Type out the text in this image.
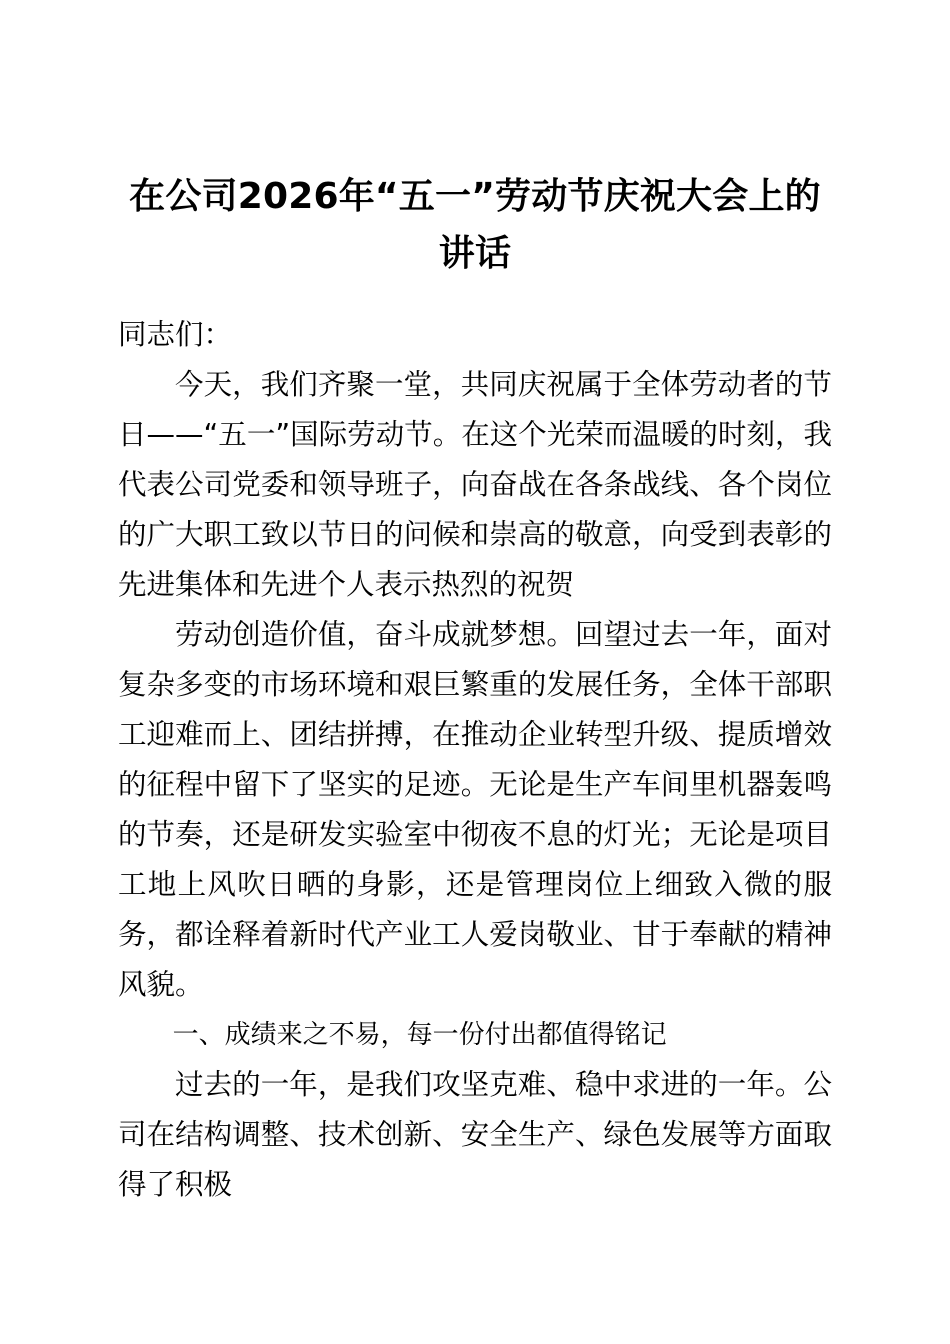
在公司2026年“五一”劳动节庆祝大会上的 讲话

同志们：

今天，我们齐聚一堂，共同庆祝属于全体劳动者的节日——“五一”国际劳动节。在这个光荣而温暖的时刻，我代表公司党委和领导班子，向奋战在各条战线、各个岗位的广大职工致以节日的问候和崇高的敬意，向受到表彰的先进集体和先进个人表示热烈的祝贺

劳动创造价值，奋斗成就梦想。回望过去一年，面对复杂多变的市场环境和艰巨繁重的发展任务，全体干部职工迎难而上、团结拼搏，在推动企业转型升级、提质增效的征程中留下了坚实的足迹。无论是生产车间里机器轰鸣的节奏，还是研发实验室中彻夜不息的灯光；无论是项目工地上风吹日晒的身影，还是管理岗位上细致入微的服务，都诠释着新时代产业工人爱岗敬业、甘于奉献的精神风貌。

一、成绩来之不易，每一份付出都值得铭记

过去的一年，是我们攻坚克难、稳中求进的一年。公司在结构调整、技术创新、安全生产、绿色发展等方面取得了积极
